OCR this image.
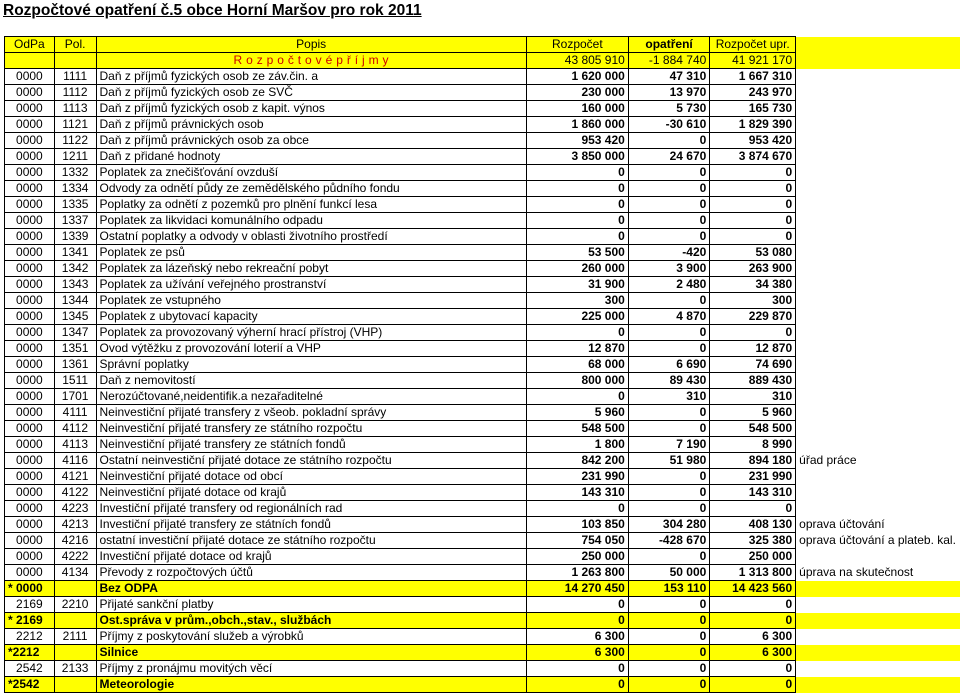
Rozpočtové opatření č.5 obce Horní Maršov pro rok 2011
OdPa	Pol.	Popis	Rozpočet	opatření	Rozpočet upr.	
		R o z p o č t o v é p ř í j m y	43 805 910	-1 884 740	41 921 170	
0000	1111	Daň z příjmů fyzických osob ze záv.čin. a	1 620 000	47 310	1 667 310	
0000	1112	Daň z příjmů fyzických osob ze SVČ	230 000	13 970	243 970	
0000	1113	Daň z příjmů fyzických osob z kapit. výnos	160 000	5 730	165 730	
0000	1121	Daň z příjmů právnických osob	1 860 000	-30 610	1 829 390	
0000	1122	Daň z příjmů právnických osob za obce	953 420	0	953 420	
0000	1211	Daň z přidané hodnoty	3 850 000	24 670	3 874 670	
0000	1332	Poplatek za znečišťování ovzduší	0	0	0	
0000	1334	Odvody za odnětí půdy ze zemědělského půdního fondu	0	0	0	
0000	1335	Poplatky za odnětí z pozemků pro plnění funkcí lesa	0	0	0	
0000	1337	Poplatek za likvidaci komunálního odpadu	0	0	0	
0000	1339	Ostatní poplatky a odvody v oblasti životního prostředí	0	0	0	
0000	1341	Poplatek ze psů	53 500	-420	53 080	
0000	1342	Poplatek za lázeňský nebo rekreační pobyt	260 000	3 900	263 900	
0000	1343	Poplatek za užívání veřejného prostranství	31 900	2 480	34 380	
0000	1344	Poplatek ze vstupného	300	0	300	
0000	1345	Poplatek z ubytovací kapacity	225 000	4 870	229 870	
0000	1347	Poplatek za provozovaný výherní hrací přístroj (VHP)	0	0	0	
0000	1351	Ovod výtěžku z provozování loterií a VHP	12 870	0	12 870	
0000	1361	Správní poplatky	68 000	6 690	74 690	
0000	1511	Daň z nemovitostí	800 000	89 430	889 430	
0000	1701	Nerozúčtované,neidentifik.a nezařaditelné	0	310	310	
0000	4111	Neinvestiční přijaté transfery z všeob. pokladní správy	5 960	0	5 960	
0000	4112	Neinvestiční přijaté transfery ze státního rozpočtu	548 500	0	548 500	
0000	4113	Neinvestiční přijaté transfery ze státních fondů	1 800	7 190	8 990	
0000	4116	Ostatní neinvestiční přijaté dotace ze státního rozpočtu	842 200	51 980	894 180	úřad práce
0000	4121	Neinvestiční přijaté dotace od obcí	231 990	0	231 990	
0000	4122	Neinvestiční přijaté dotace od krajů	143 310	0	143 310	
0000	4223	Investiční přijaté transfery od regionálních rad	0	0	0	
0000	4213	Investiční přijaté transfery ze státních fondů	103 850	304 280	408 130	oprava účtování
0000	4216	ostatní investiční přijaté dotace ze státního rozpočtu	754 050	-428 670	325 380	oprava účtování a plateb. kal.
0000	4222	Investiční přijaté dotace od krajů	250 000	0	250 000	
0000	4134	Převody z rozpočtových účtů	1 263 800	50 000	1 313 800	úprava na skutečnost
* 0000		Bez ODPA	14 270 450	153 110	14 423 560	
2169	2210	Přijaté sankční platby	0	0	0	
* 2169		Ost.správa v prům.,obch.,stav., službách	0	0	0	
2212	2111	Příjmy z poskytování služeb a výrobků	6 300	0	6 300	
*2212		Silnice	6 300	0	6 300	
2542	2133	Příjmy z pronájmu movitých věcí	0	0	0	
*2542		Meteorologie	0	0	0	
